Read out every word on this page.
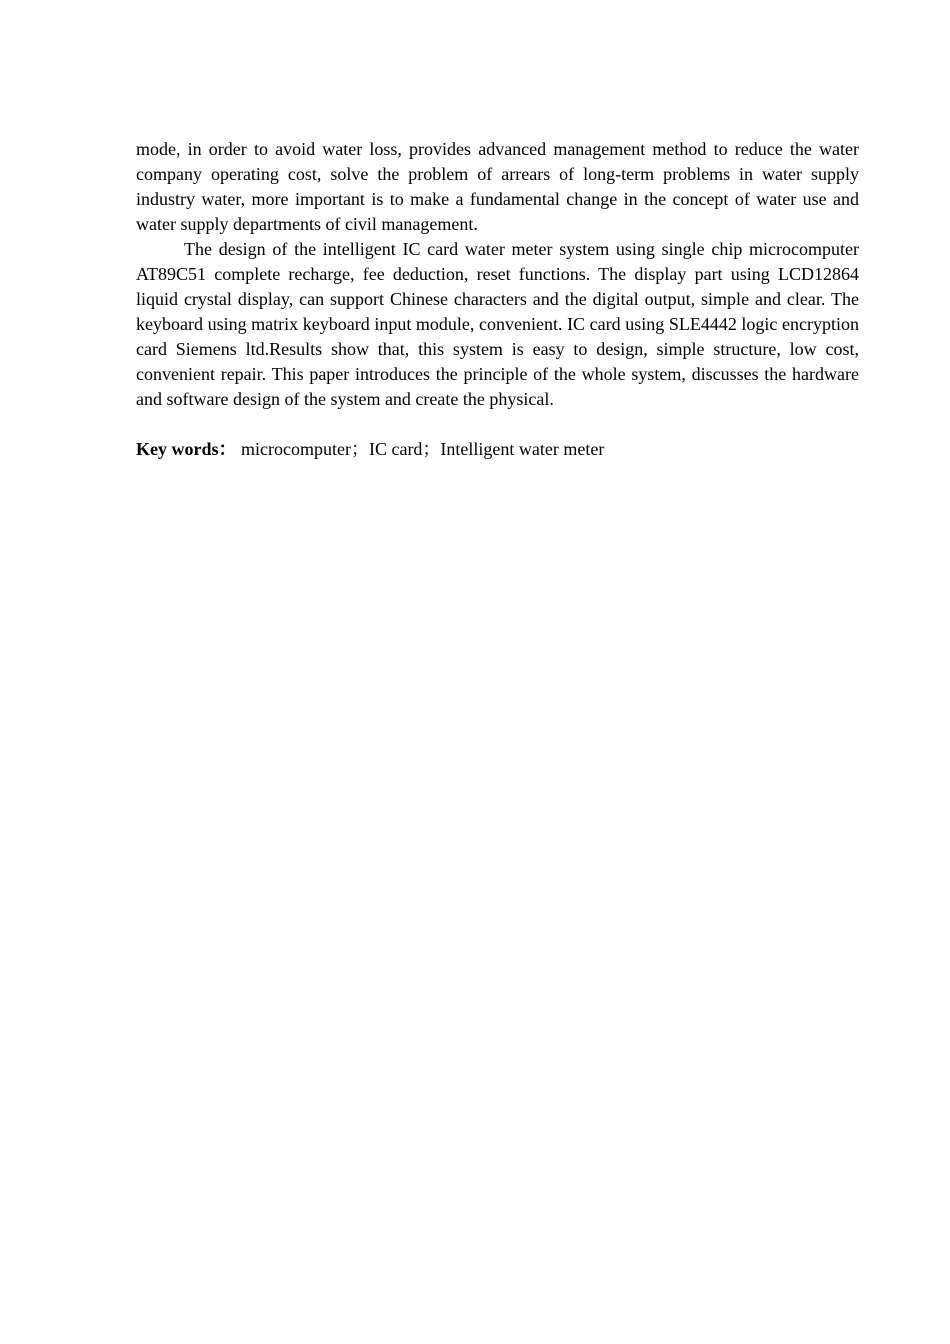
mode, in order to avoid water loss, provides advanced management method to reduce the water company operating cost, solve the problem of arrears of long-term problems in water supply industry water, more important is to make a fundamental change in the concept of water use and water supply departments of civil management.

The design of the intelligent IC card water meter system using single chip microcomputer AT89C51 complete recharge, fee deduction, reset functions. The display part using LCD12864 liquid crystal display, can support Chinese characters and the digital output, simple and clear. The keyboard using matrix keyboard input module, convenient. IC card using SLE4442 logic encryption card Siemens ltd.Results show that, this system is easy to design, simple structure, low cost, convenient repair. This paper introduces the principle of the whole system, discusses the hardware and software design of the system and create the physical.

Key words： microcomputer；IC card；Intelligent water meter
